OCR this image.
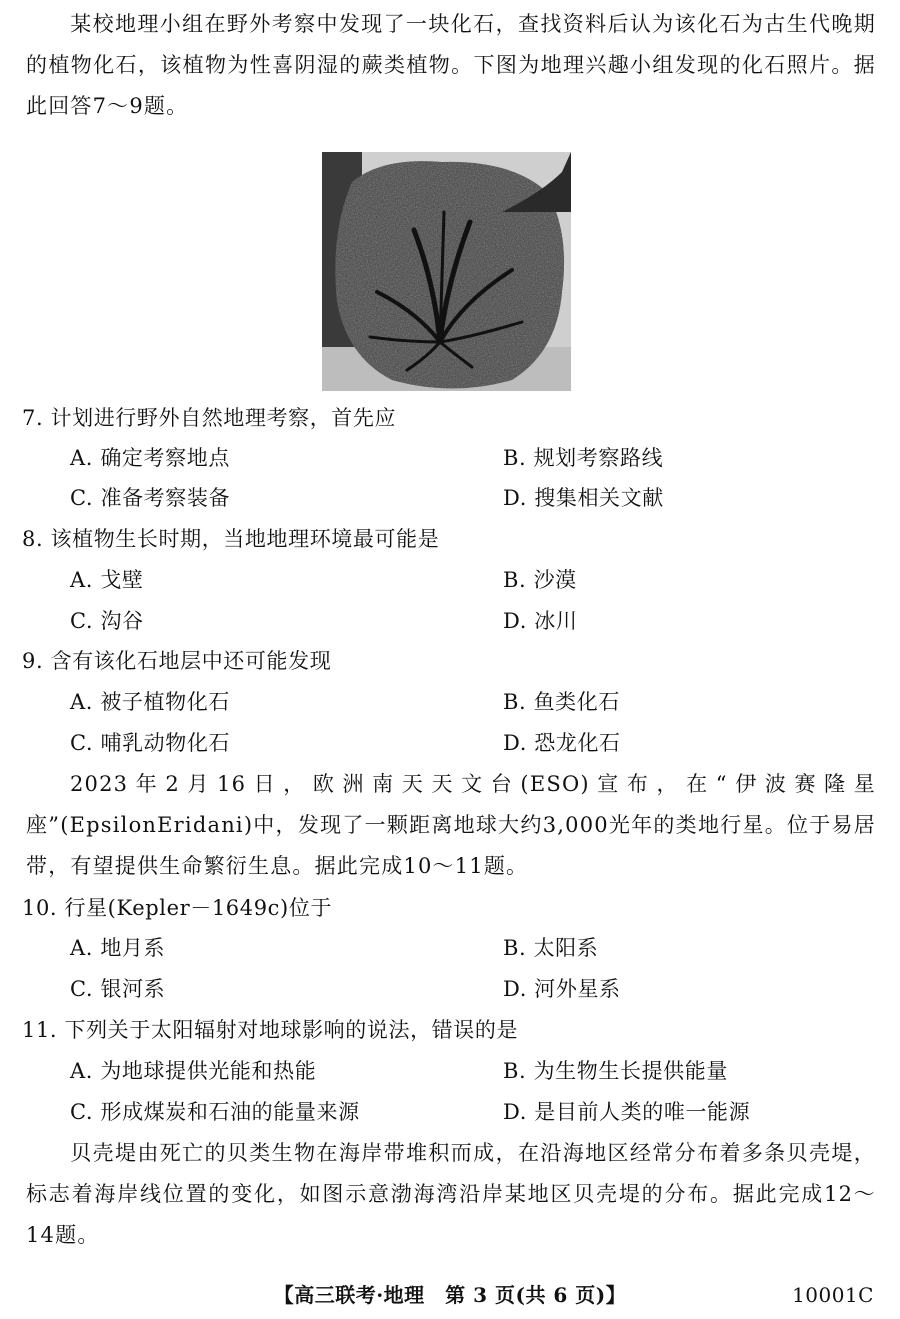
某校地理小组在野外考察中发现了一块化石，查找资料后认为该化石为古生代晚期的植物化石，该植物为性喜阴湿的蕨类植物。下图为地理兴趣小组发现的化石照片。据此回答7～9题。
7. 计划进行野外自然地理考察，首先应
A. 确定考察地点	B. 规划考察路线
C. 准备考察装备	D. 搜集相关文献
8. 该植物生长时期，当地地理环境最可能是
A. 戈壁	B. 沙漠
C. 沟谷	D. 冰川
9. 含有该化石地层中还可能发现
A. 被子植物化石	B. 鱼类化石
C. 哺乳动物化石	D. 恐龙化石
2023年2月16日，欧洲南天天文台(ESO)宣布，在“伊波赛隆星座”(EpsilonEridani)中，发现了一颗距离地球大约3,000光年的类地行星。位于易居带，有望提供生命繁衍生息。据此完成10～11题。
10. 行星(Kepler－1649c)位于
A. 地月系	B. 太阳系
C. 银河系	D. 河外星系
11. 下列关于太阳辐射对地球影响的说法，错误的是
A. 为地球提供光能和热能	B. 为生物生长提供能量
C. 形成煤炭和石油的能量来源	D. 是目前人类的唯一能源
贝壳堤由死亡的贝类生物在海岸带堆积而成，在沿海地区经常分布着多条贝壳堤，标志着海岸线位置的变化，如图示意渤海湾沿岸某地区贝壳堤的分布。据此完成12～14题。
【高三联考·地理　第 3 页(共 6 页)】	10001C
